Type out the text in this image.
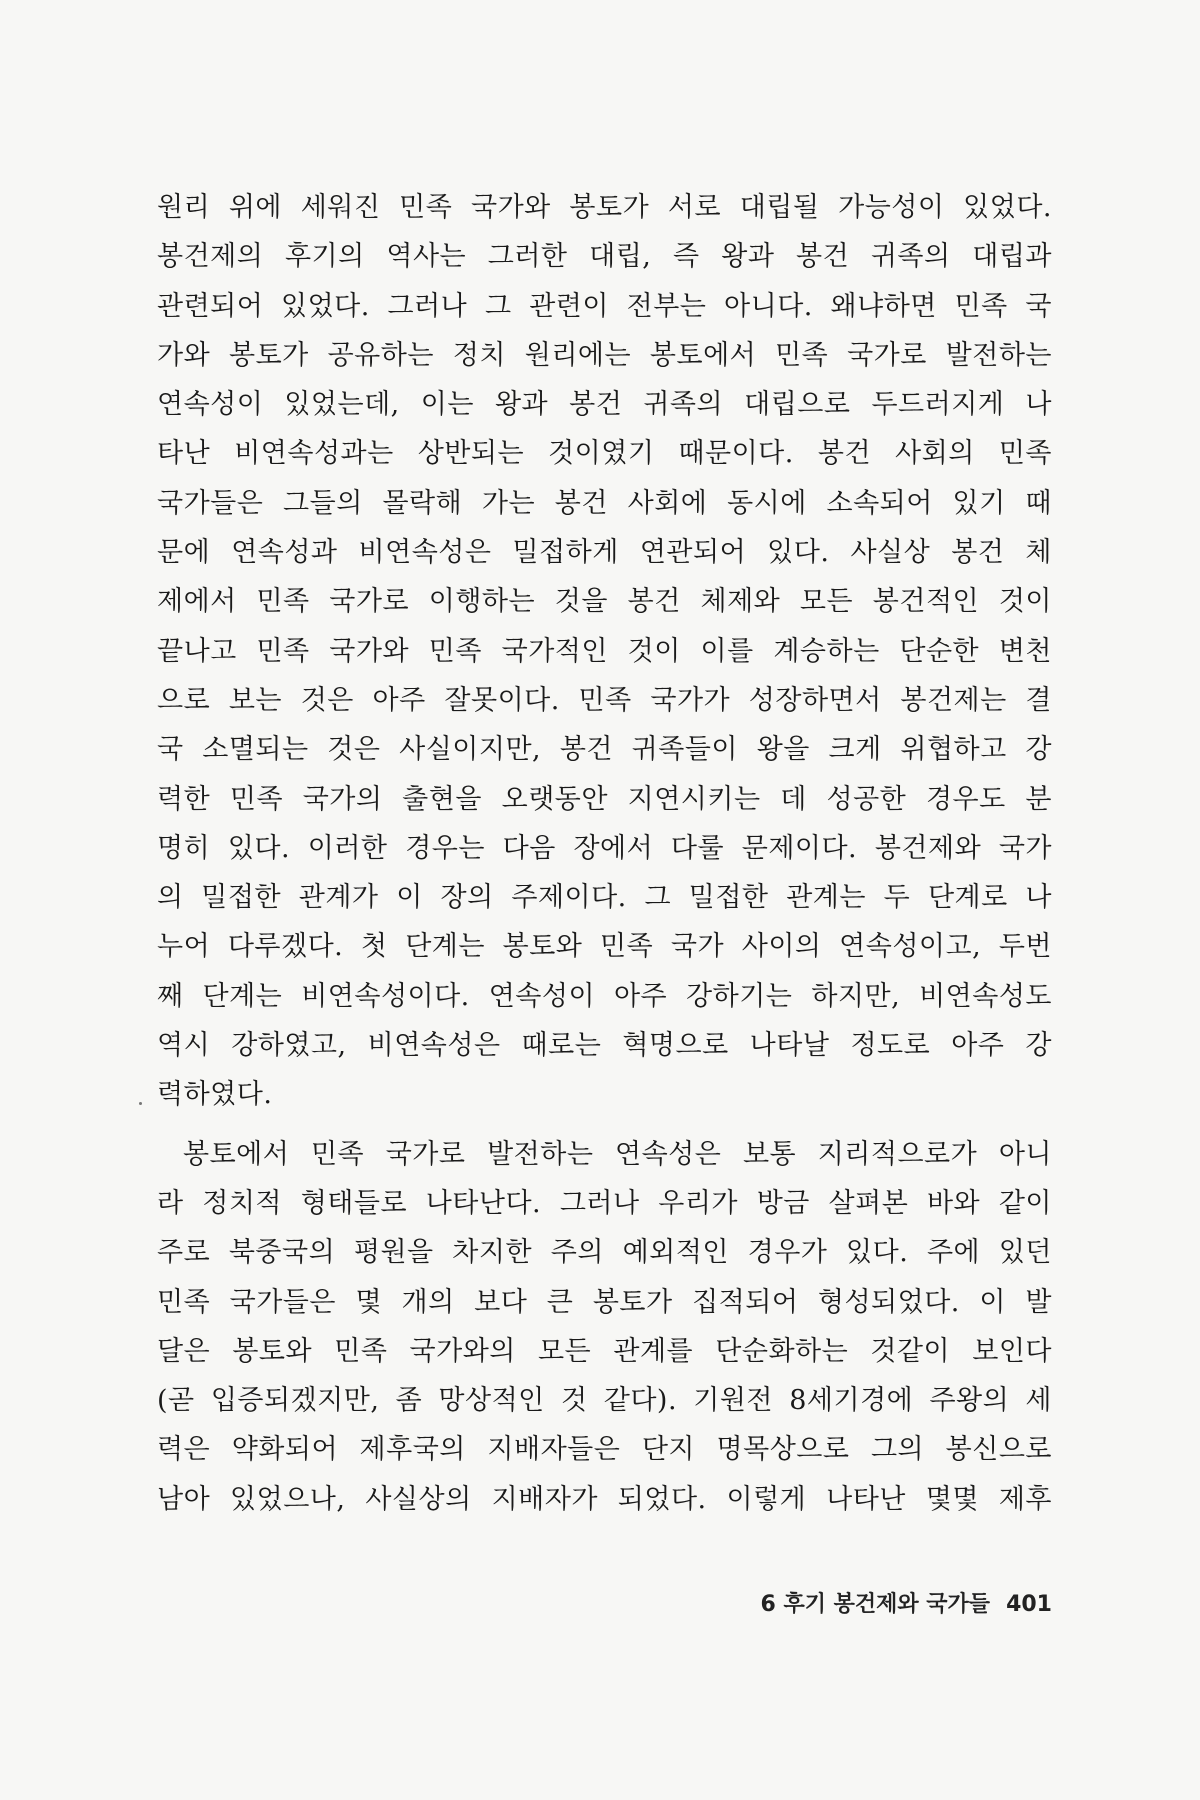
원리 위에 세워진 민족 국가와 봉토가 서로 대립될 가능성이 있었다.
봉건제의 후기의 역사는 그러한 대립, 즉 왕과 봉건 귀족의 대립과
관련되어 있었다. 그러나 그 관련이 전부는 아니다. 왜냐하면 민족 국
가와 봉토가 공유하는 정치 원리에는 봉토에서 민족 국가로 발전하는
연속성이 있었는데, 이는 왕과 봉건 귀족의 대립으로 두드러지게 나
타난 비연속성과는 상반되는 것이였기 때문이다. 봉건 사회의 민족
국가들은 그들의 몰락해 가는 봉건 사회에 동시에 소속되어 있기 때
문에 연속성과 비연속성은 밀접하게 연관되어 있다. 사실상 봉건 체
제에서 민족 국가로 이행하는 것을 봉건 체제와 모든 봉건적인 것이
끝나고 민족 국가와 민족 국가적인 것이 이를 계승하는 단순한 변천
으로 보는 것은 아주 잘못이다. 민족 국가가 성장하면서 봉건제는 결
국 소멸되는 것은 사실이지만, 봉건 귀족들이 왕을 크게 위협하고 강
력한 민족 국가의 출현을 오랫동안 지연시키는 데 성공한 경우도 분
명히 있다. 이러한 경우는 다음 장에서 다룰 문제이다. 봉건제와 국가
의 밀접한 관계가 이 장의 주제이다. 그 밀접한 관계는 두 단계로 나
누어 다루겠다. 첫 단계는 봉토와 민족 국가 사이의 연속성이고, 두번
째 단계는 비연속성이다. 연속성이 아주 강하기는 하지만, 비연속성도
역시 강하였고, 비연속성은 때로는 혁명으로 나타날 정도로 아주 강
력하였다.
봉토에서 민족 국가로 발전하는 연속성은 보통 지리적으로가 아니
라 정치적 형태들로 나타난다. 그러나 우리가 방금 살펴본 바와 같이
주로 북중국의 평원을 차지한 주의 예외적인 경우가 있다. 주에 있던
민족 국가들은 몇 개의 보다 큰 봉토가 집적되어 형성되었다. 이 발
달은 봉토와 민족 국가와의 모든 관계를 단순화하는 것같이 보인다
(곧 입증되겠지만, 좀 망상적인 것 같다). 기원전 8세기경에 주왕의 세
력은 약화되어 제후국의 지배자들은 단지 명목상으로 그의 봉신으로
남아 있었으나, 사실상의 지배자가 되었다. 이렇게 나타난 몇몇 제후
6 후기 봉건제와 국가들 401
